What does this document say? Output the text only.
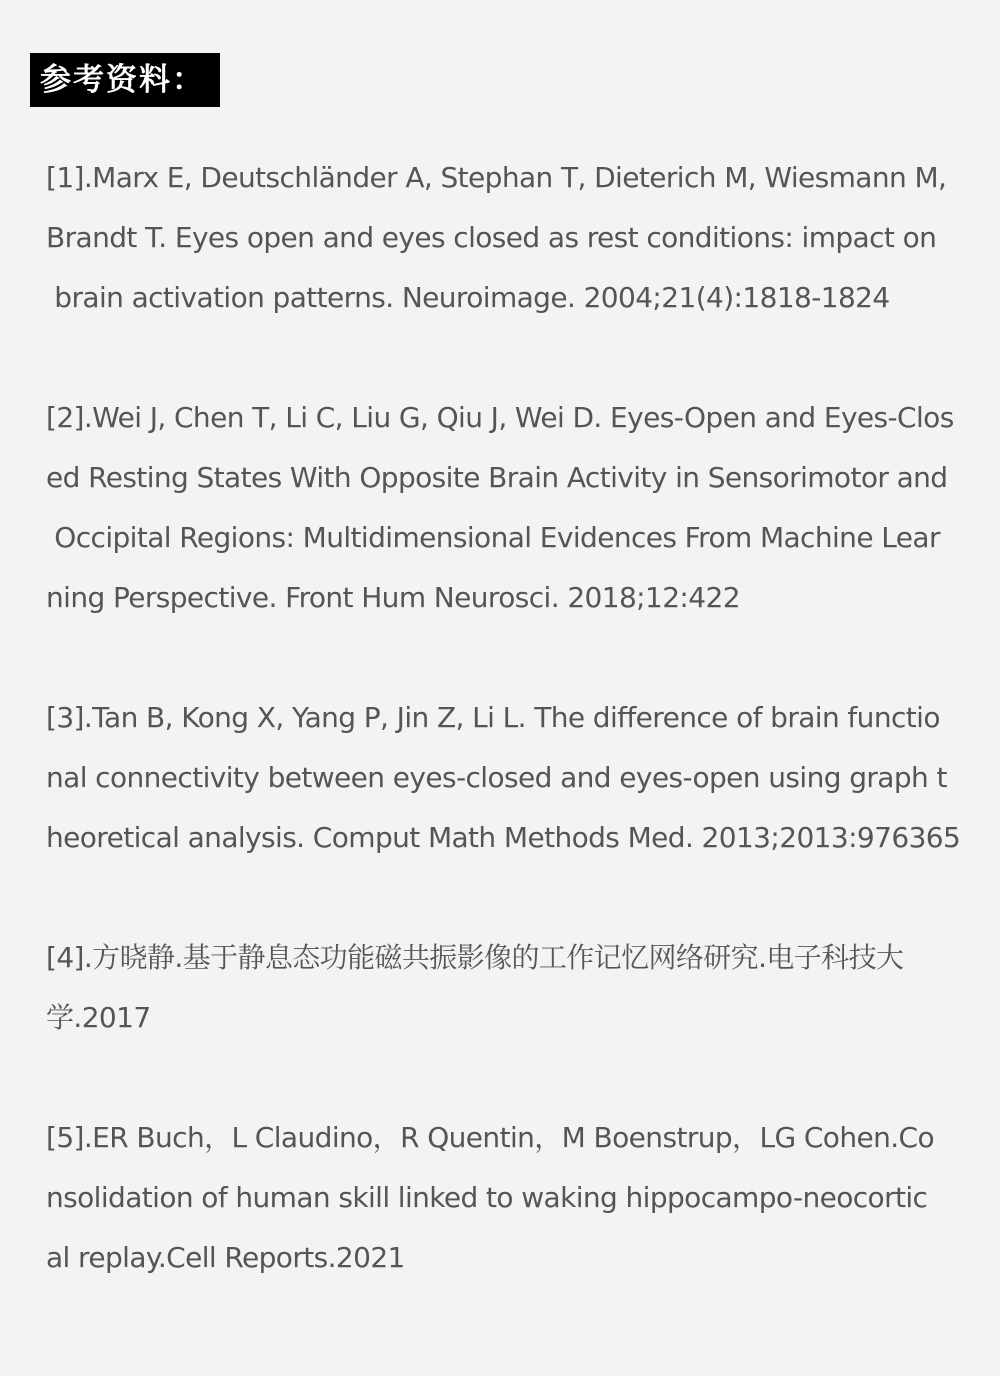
参考资料：
[1].Marx E, Deutschländer A, Stephan T, Dieterich M, Wiesmann M,
Brandt T. Eyes open and eyes closed as rest conditions: impact on
brain activation patterns. Neuroimage. 2004;21(4):1818-1824
[2].Wei J, Chen T, Li C, Liu G, Qiu J, Wei D. Eyes-Open and Eyes-Clos
ed Resting States With Opposite Brain Activity in Sensorimotor and
Occipital Regions: Multidimensional Evidences From Machine Lear
ning Perspective. Front Hum Neurosci. 2018;12:422
[3].Tan B, Kong X, Yang P, Jin Z, Li L. The difference of brain functio
nal connectivity between eyes-closed and eyes-open using graph t
heoretical analysis. Comput Math Methods Med. 2013;2013:976365
[4].方晓静.基于静息态功能磁共振影像的工作记忆网络研究.电子科技大
学.2017
[5].ER Buch，L Claudino，R Quentin，M Boenstrup，LG Cohen.Co
nsolidation of human skill linked to waking hippocampo-neocortic
al replay.Cell Reports.2021
